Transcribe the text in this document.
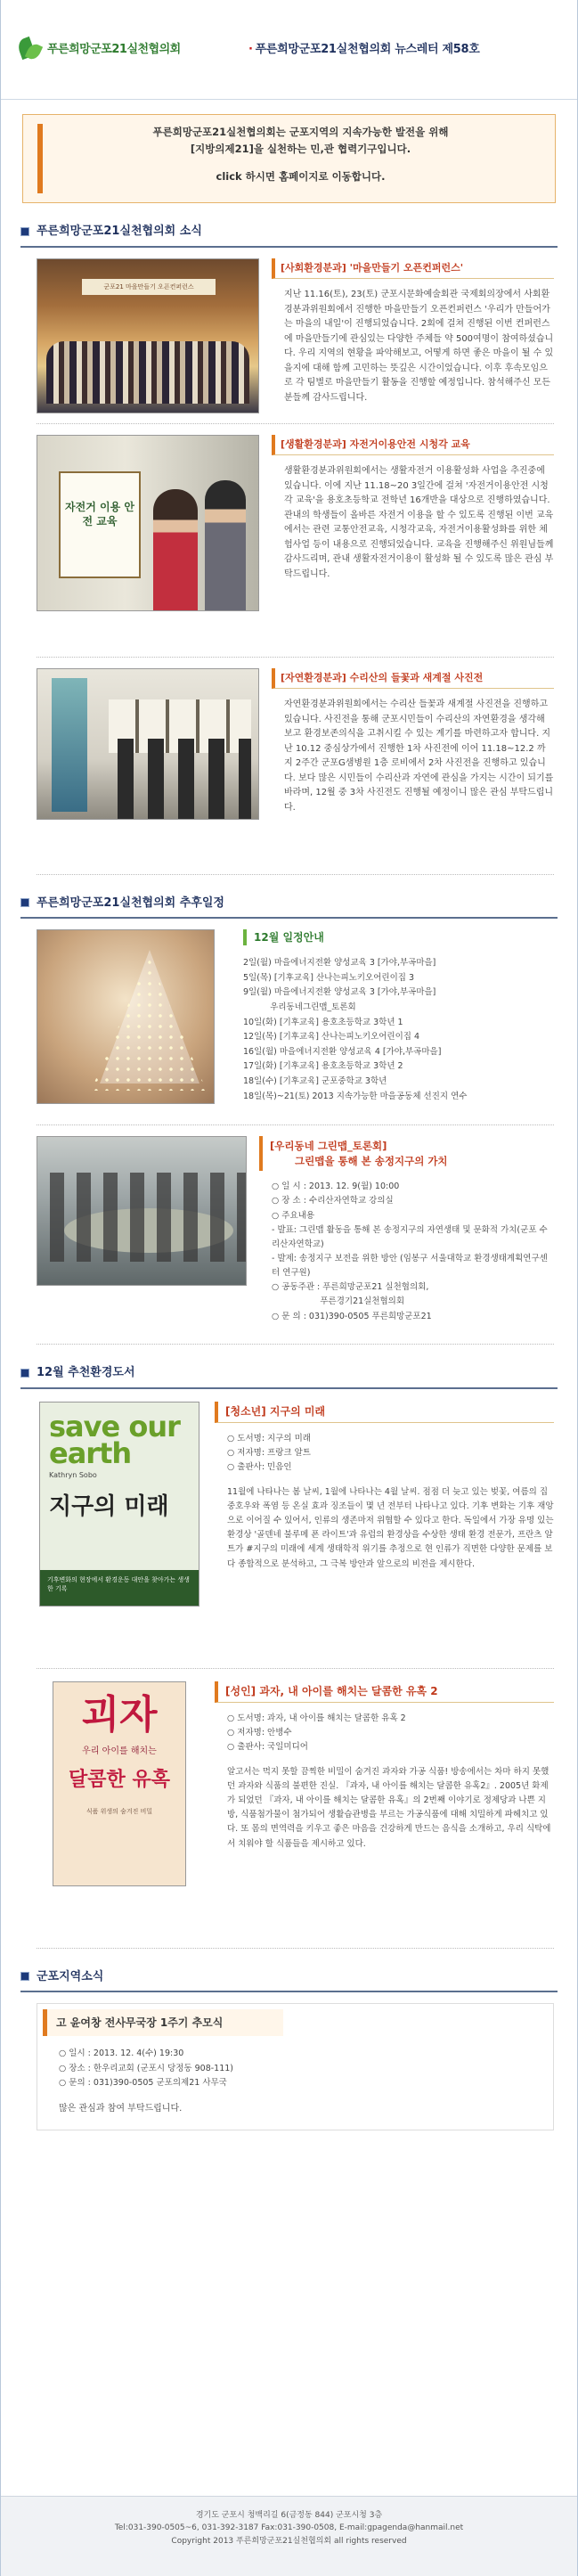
푸른희망군포21실천협의회	· 푸른희망군포21실천협의회 뉴스레터 제58호

푸른희망군포21실천협의회는 군포지역의 지속가능한 발전을 위해

[지방의제21]을 실천하는 민,관 협력기구입니다.

click 하시면 홈페이지로 이동합니다.

푸른희망군포21실천협의회 소식
군포21 마을만들기 오픈컨퍼런스
[사회환경분과] '마을만들기 오픈컨퍼런스'
지난 11.16(토), 23(토) 군포시문화예술회관 국제회의장에서 사회환경분과위원회에서 진행한 마을만들기 오픈컨퍼런스 '우리가 만들어가는 마을의 내일'이 진행되었습니다. 2회에 걸쳐 진행된 이번 컨퍼런스에 마을만들기에 관심있는 다양한 주체들 약 500여명이 참여하셨습니다. 우리 지역의 현황을 파악해보고, 어떻게 하면 좋은 마을이 될 수 있을지에 대해 함께 고민하는 뜻깊은 시간이었습니다. 이후 후속모임으로 각 팀별로 마을만들기 활동을 진행할 예정입니다. 참석해주신 모든 분들께 감사드립니다.
자전거 이용 안전 교육
[생활환경분과] 자전거이용안전 시청각 교육
생활환경분과위원회에서는 생활자전거 이용활성화 사업을 추진중에 있습니다. 이에 지난 11.18~20 3일간에 걸쳐 '자전거이용안전 시청각 교육'을 용호초등학교 전학년 16개반을 대상으로 진행하였습니다. 관내의 학생들이 올바른 자전거 이용을 할 수 있도록 진행된 이번 교육에서는 관련 교통안전교육, 시청각교육, 자전거이용활성화를 위한 체험사업 등이 내용으로 진행되었습니다. 교육을 진행해주신 위원님들께 감사드리며, 관내 생활자전거이용이 활성화 될 수 있도록 많은 관심 부탁드립니다.
[자연환경분과] 수리산의 들꽃과 새계절 사진전
자연환경분과위원회에서는 수리산 들꽃과 새계절 사진전을 진행하고 있습니다. 사진전을 통해 군포시민들이 수리산의 자연환경을 생각해 보고 환경보존의식을 고취시킬 수 있는 계기를 마련하고자 합니다. 지난 10.12 중심상가에서 진행한 1차 사진전에 이어 11.18~12.2 까지 2주간 군포G샘병원 1층 로비에서 2차 사진전을 진행하고 있습니다. 보다 많은 시민들이 수리산과 자연에 관심을 가지는 시간이 되기를 바라며, 12월 중 3차 사진전도 진행될 예정이니 많은 관심 부탁드립니다.
푸른희망군포21실천협의회 추후일정
12월 일정안내
2일(월) 마을에너지전환 양성교육 3 [가야,부곡마을]
5일(목) [기후교육] 산나는피노키오어린이집 3
9일(월) 마을에너지전환 양성교육 3 [가야,부곡마을]
우리동네그린맵_토론회
10일(화) [기후교육] 용호초등학교 3학년 1
12일(목) [기후교육] 산나는피노키오어린이집 4
16일(월) 마을에너지전환 양성교육 4 [가야,부곡마을]
17일(화) [기후교육] 용호초등학교 3학년 2
18일(수) [기후교육] 군포중학교 3학년
18일(목)~21(토) 2013 지속가능한 마을공동체 선진지 연수
[우리동네 그린맵_토론회]
그린맵을 통해 본 송정지구의 가치
○ 일 시 : 2013. 12. 9(월) 10:00
○ 장 소 : 수리산자연학교 강의실
○ 주요내용
- 발표: 그린맵 활동을 통해 본 송정지구의 자연생태 및 문화적 가치(군포 수리산자연학교)
- 발제: 송정지구 보전을 위한 방안 (임봉구 서울대학교 환경생태계획연구센터 연구원)
○ 공동주관 : 푸른희망군포21 실천협의회,
푸른경기21실천협의회
○ 문 의 : 031)390-0505 푸른희망군포21
12월 추천환경도서
save our earth
Kathryn Sobo
지구의 미래
기후변화의 현장에서 환경운동 대안을 찾아가는 생생한 기록
[청소년] 지구의 미래
○ 도서명: 지구의 미래
○ 저자명: 프랑크 알트
○ 출판사: 민음인
11월에 나타나는 봄 날씨, 1월에 나타나는 4월 날씨. 점점 더 늦고 있는 벚꽃, 여름의 집중호우와 폭염 등 온실 효과 징조들이 몇 년 전부터 나타나고 있다. 기후 변화는 기후 재앙으로 이어질 수 있어서, 인류의 생존마저 위협할 수 있다고 한다. 독일에서 가장 유명 있는 환경상 '골덴네 불루메 폰 라이트'과 유럽의 환경상을 수상한 생태 환경 전문가, 프란츠 알트가 #지구의 미래에 세계 생태학적 위기를 추정으로 현 인류가 직면한 다양한 문제를 보다 종합적으로 분석하고, 그 극복 방안과 앞으로의 비전을 제시한다.
괴자
우리 아이를 해치는
달콤한 유혹
식품 위생의 숨겨진 비밀
[성인] 과자, 내 아이를 해치는 달콤한 유혹 2
○ 도서명: 과자, 내 아이를 해치는 달콤한 유혹 2
○ 저자명: 안병수
○ 출판사: 국일미디어
알고서는 먹지 못할 끔찍한 비밀이 숨겨진 과자와 가공 식품! 방송에서는 차마 하지 못했던 과자와 식품의 불편한 진실. 『과자, 내 아이를 해치는 달콤한 유혹2』. 2005년 화제가 되었던 『과자, 내 아이를 해치는 달콤한 유혹』의 2번째 이야기로 정제당과 나쁜 지방, 식품첨가물이 첨가되어 생활습관병을 부르는 가공식품에 대해 치밀하게 파헤치고 있다. 또 몸의 면역력을 키우고 좋은 마음을 건강하게 만드는 음식을 소개하고, 우리 식탁에서 치워야 할 식품들을 제시하고 있다.
군포지역소식
고 윤여창 전사무국장 1주기 추모식
○ 일시 : 2013. 12. 4(수) 19:30
○ 장소 : 한우리교회 (군포시 당정동 908-111)
○ 문의 : 031)390-0505 군포의제21 사무국
많은 관심과 참여 부탁드립니다.
경기도 군포시 청백리길 6(금정동 844) 군포시청 3층
Tel:031-390-0505~6, 031-392-3187 Fax:031-390-0508, E-mail:gpagenda@hanmail.net
Copyright 2013 푸른희망군포21실천협의회 all rights reserved
